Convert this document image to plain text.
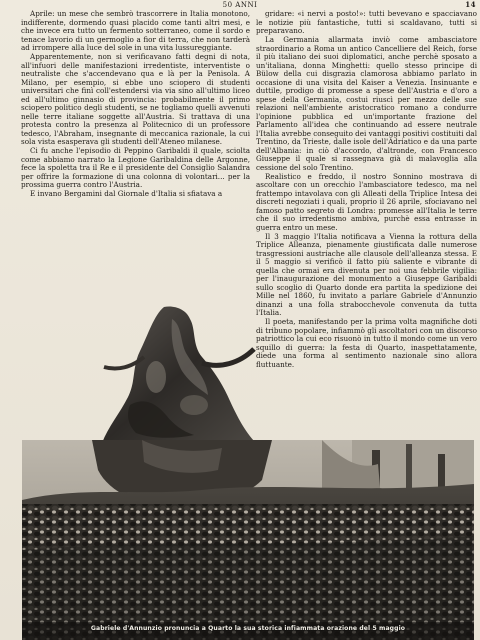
50 ANNI	14

Aprile: un mese che sembrò trascorrere in Italia monotono, indifferente, dormendo quasi placido come tanti altri mesi, e che invece era tutto un fermento sotterraneo, come il sordo e tenace lavorio di un germoglio a fior di terra, che non tarderà ad irrompere alla luce del sole in una vita lussureggiante.

Apparentemente, non si verificavano fatti degni di nota, all'infuori delle manifestazioni irredentiste, interventiste o neutraliste che s'accendevano qua e là per la Penisola. A Milano, per esempio, si ebbe uno sciopero di studenti universitari che finì coll'estendersi via via sino all'ultimo liceo ed all'ultimo ginnasio di provincia: probabilmente il primo sciopero politico degli studenti, se ne togliamo quelli avvenuti nelle terre italiane soggette all'Austria. Si trattava di una protesta contro la presenza al Politecnico di un professore tedesco, l'Abraham, insegnante di meccanica razionale, la cui sola vista esasperava gli studenti dell'Ateneo milanese.

Ci fu anche l'episodio di Peppino Garibaldi il quale, sciolta come abbiamo narrato la Legione Garibaldina delle Argonne, fece la spoletta tra il Re e il presidente del Consiglio Salandra per offrire la formazione di una colonna di volontari... per la prossima guerra contro l'Austria.

E invano Bergamini dal Giornale d'Italia si sfiatava a

gridare: «i nervi a posto!»: tutti bevevano e spacciavano le notizie più fantastiche, tutti si scaldavano, tutti si preparavano.

La Germania allarmata inviò come ambasciatore straordinario a Roma un antico Cancelliere del Reich, forse il più italiano dei suoi diplomatici, anche perchè sposato a un'italiana, donna Minghetti: quello stesso principe di Bülow della cui disgrazia clamorosa abbiamo parlato in occasione di una visita del Kaiser a Venezia. Insinuante e duttile, prodigo di promesse a spese dell'Austria e d'oro a spese della Germania, costui riuscì per mezzo delle sue relazioni nell'ambiente aristocratico romano a condurre l'opinione pubblica ed un'importante frazione del Parlamento all'idea che continuando ad essere neutrale l'Italia avrebbe conseguito dei vantaggi positivi costituiti dal Trentino, da Trieste, dalle isole dell'Adriatico e da una parte dell'Albania: in ciò d'accordo, d'altronde, con Francesco Giuseppe il quale si rassegnava già di malavoglia alla cessione del solo Trentino.

Realistico e freddo, il nostro Sonnino mostrava di ascoltare con un orecchio l'ambasciatore tedesco, ma nel frattempo intavolava con gli Alleati della Triplice Intesa dei discreti negoziati i quali, proprio il 26 aprile, sfociavano nel famoso patto segreto di Londra: promesse all'Italia le terre che il suo irredentismo ambiva, purchè essa entrasse in guerra entro un mese.

Il 3 maggio l'Italia notificava a Vienna la rottura della Triplice Alleanza, pienamente giustificata dalle numerose trasgressioni austriache alle clausole dell'alleanza stessa. E il 5 maggio si verificò il fatto più saliente e vibrante di quella che ormai era divenuta per noi una febbrile vigilia: per l'inaugurazione del monumento a Giuseppe Garibaldi sullo scoglio di Quarto donde era partita la spedizione dei Mille nel 1860, fu invitato a parlare Gabriele d'Annunzio dinanzi a una folla strabocchevole convenuta da tutta l'Italia.

Il poeta, manifestando per la prima volta magnifiche doti di tribuno popolare, infiammò gli ascoltatori con un discorso patriottico la cui eco risuonò in tutto il mondo come un vero squillo di guerra: la festa di Quarto, inaspettatamente, diede una forma al sentimento nazionale sino allora fluttuante.

Gabriele d'Annunzio pronuncia a Quarto la sua storica infiammata orazione del 5 maggio
